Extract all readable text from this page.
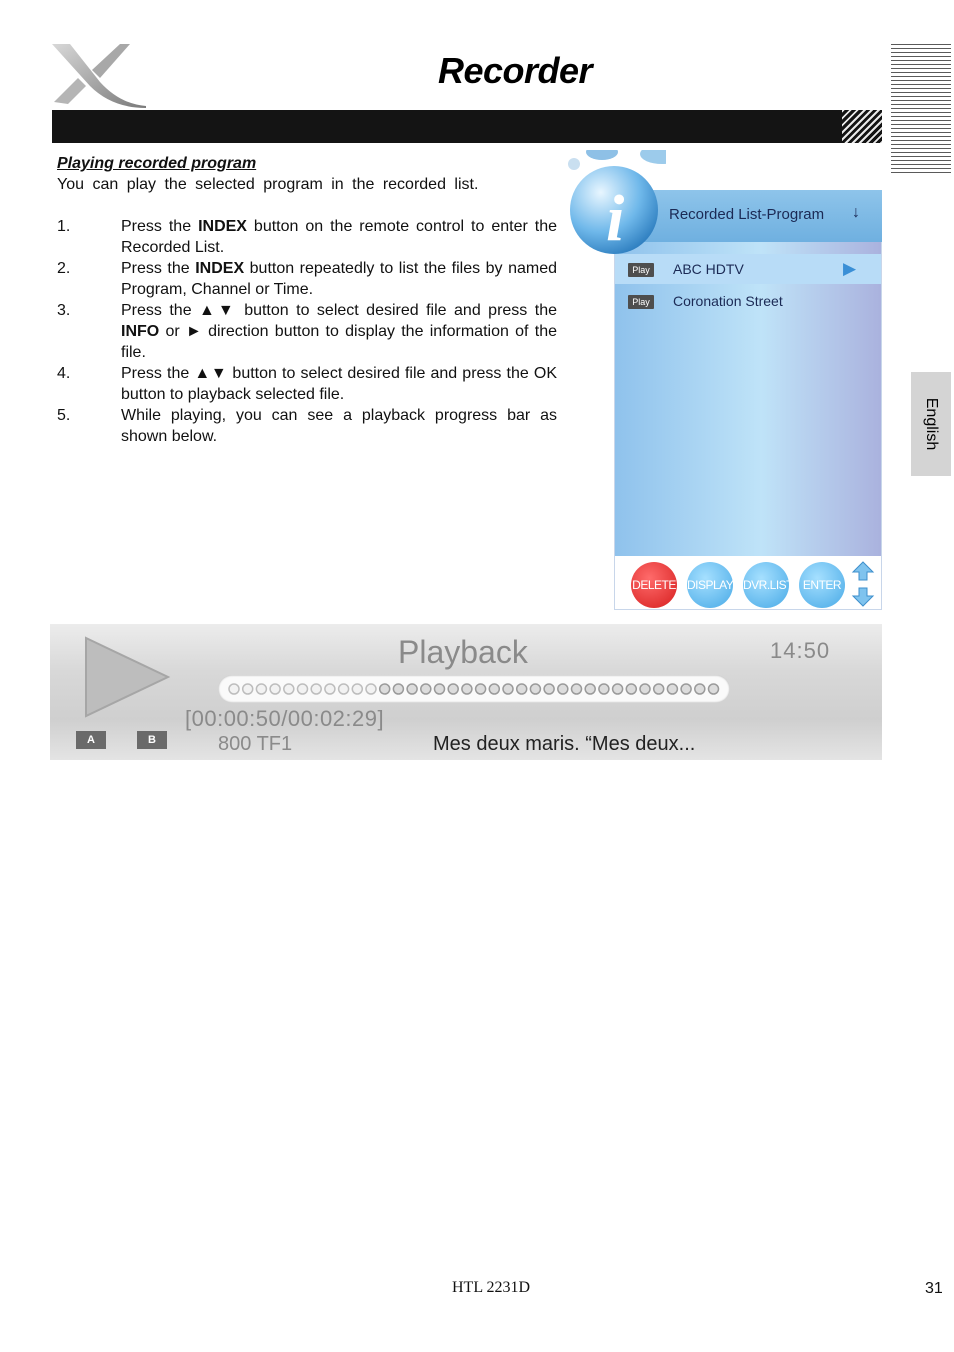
Recorder
English
Playing recorded program
You can play the selected program in the recorded list.
1.	Press the INDEX button on the remote control to enter the Recorded List.
2.	Press the INDEX button repeatedly to list the files by named Program, Channel or Time.
3.	Press the ▲▼ button to select desired file and press the INFO or ► direction button to display the information of the file.
4.	Press the ▲▼ button to select desired file and press the OK button to playback selected file.
5.	While playing, you can see a playback progress bar as shown below.
i	Recorded List-Program ↓
Play	ABC HDTV	▶
Play	Coronation Street
DELETE DISPLAY DVR.LIST ENTER
Playback	14:50
[00:00:50/00:02:29]
A	B	800 TF1	Mes deux maris. “Mes deux...
HTL 2231D	31
